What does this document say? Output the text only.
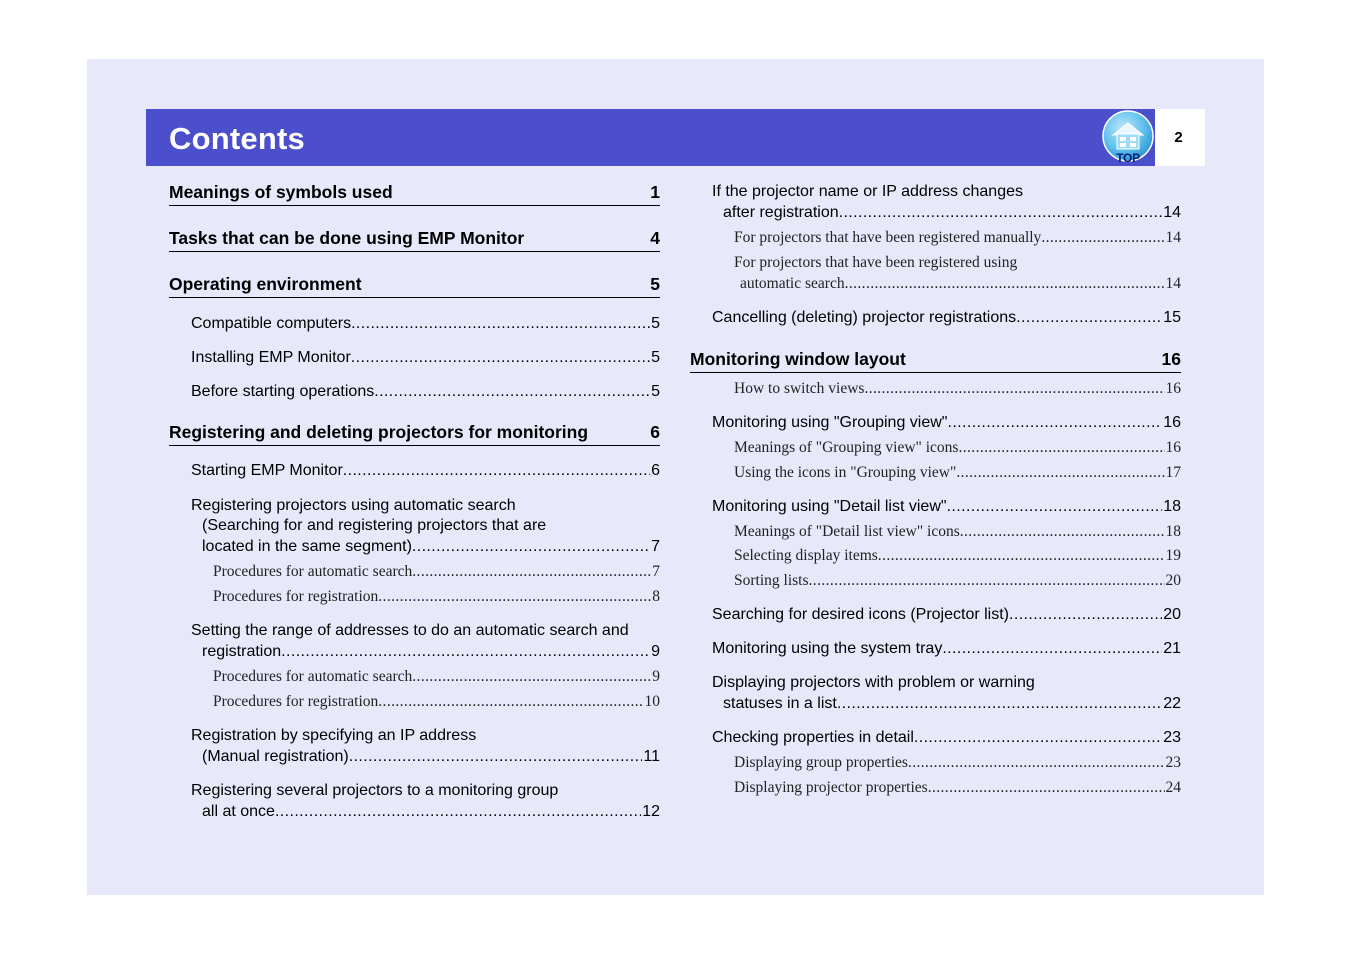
Contents
TOP
2
Meanings of symbols used	1
Tasks that can be done using EMP Monitor	4
Operating environment	5
Compatible computers .....	5
Installing EMP Monitor .....	5
Before starting operations .....	5
Registering and deleting projectors for monitoring	6
Starting EMP Monitor .....	6
Registering projectors using automatic search
(Searching for and registering projectors that are
located in the same segment) .....	7
Procedures for automatic search .....	7
Procedures for registration .....	8
Setting the range of addresses to do an automatic search and
registration .....	9
Procedures for automatic search .....	9
Procedures for registration .....	10
Registration by specifying an IP address
(Manual registration) .....	11
Registering several projectors to a monitoring group
all at once .....	12
If the projector name or IP address changes
after registration .....	14
For projectors that have been registered manually .....	14
For projectors that have been registered using
automatic search .....	14
Cancelling (deleting) projector registrations .....	15
Monitoring window layout	16
How to switch views .....	16
Monitoring using "Grouping view" .....	16
Meanings of "Grouping view" icons .....	16
Using the icons in "Grouping view" .....	17
Monitoring using "Detail list view" .....	18
Meanings of "Detail list view" icons .....	18
Selecting display items .....	19
Sorting lists .....	20
Searching for desired icons (Projector list) .....	20
Monitoring using the system tray .....	21
Displaying projectors with problem or warning
statuses in a list .....	22
Checking properties in detail .....	23
Displaying group properties .....	23
Displaying projector properties .....	24
